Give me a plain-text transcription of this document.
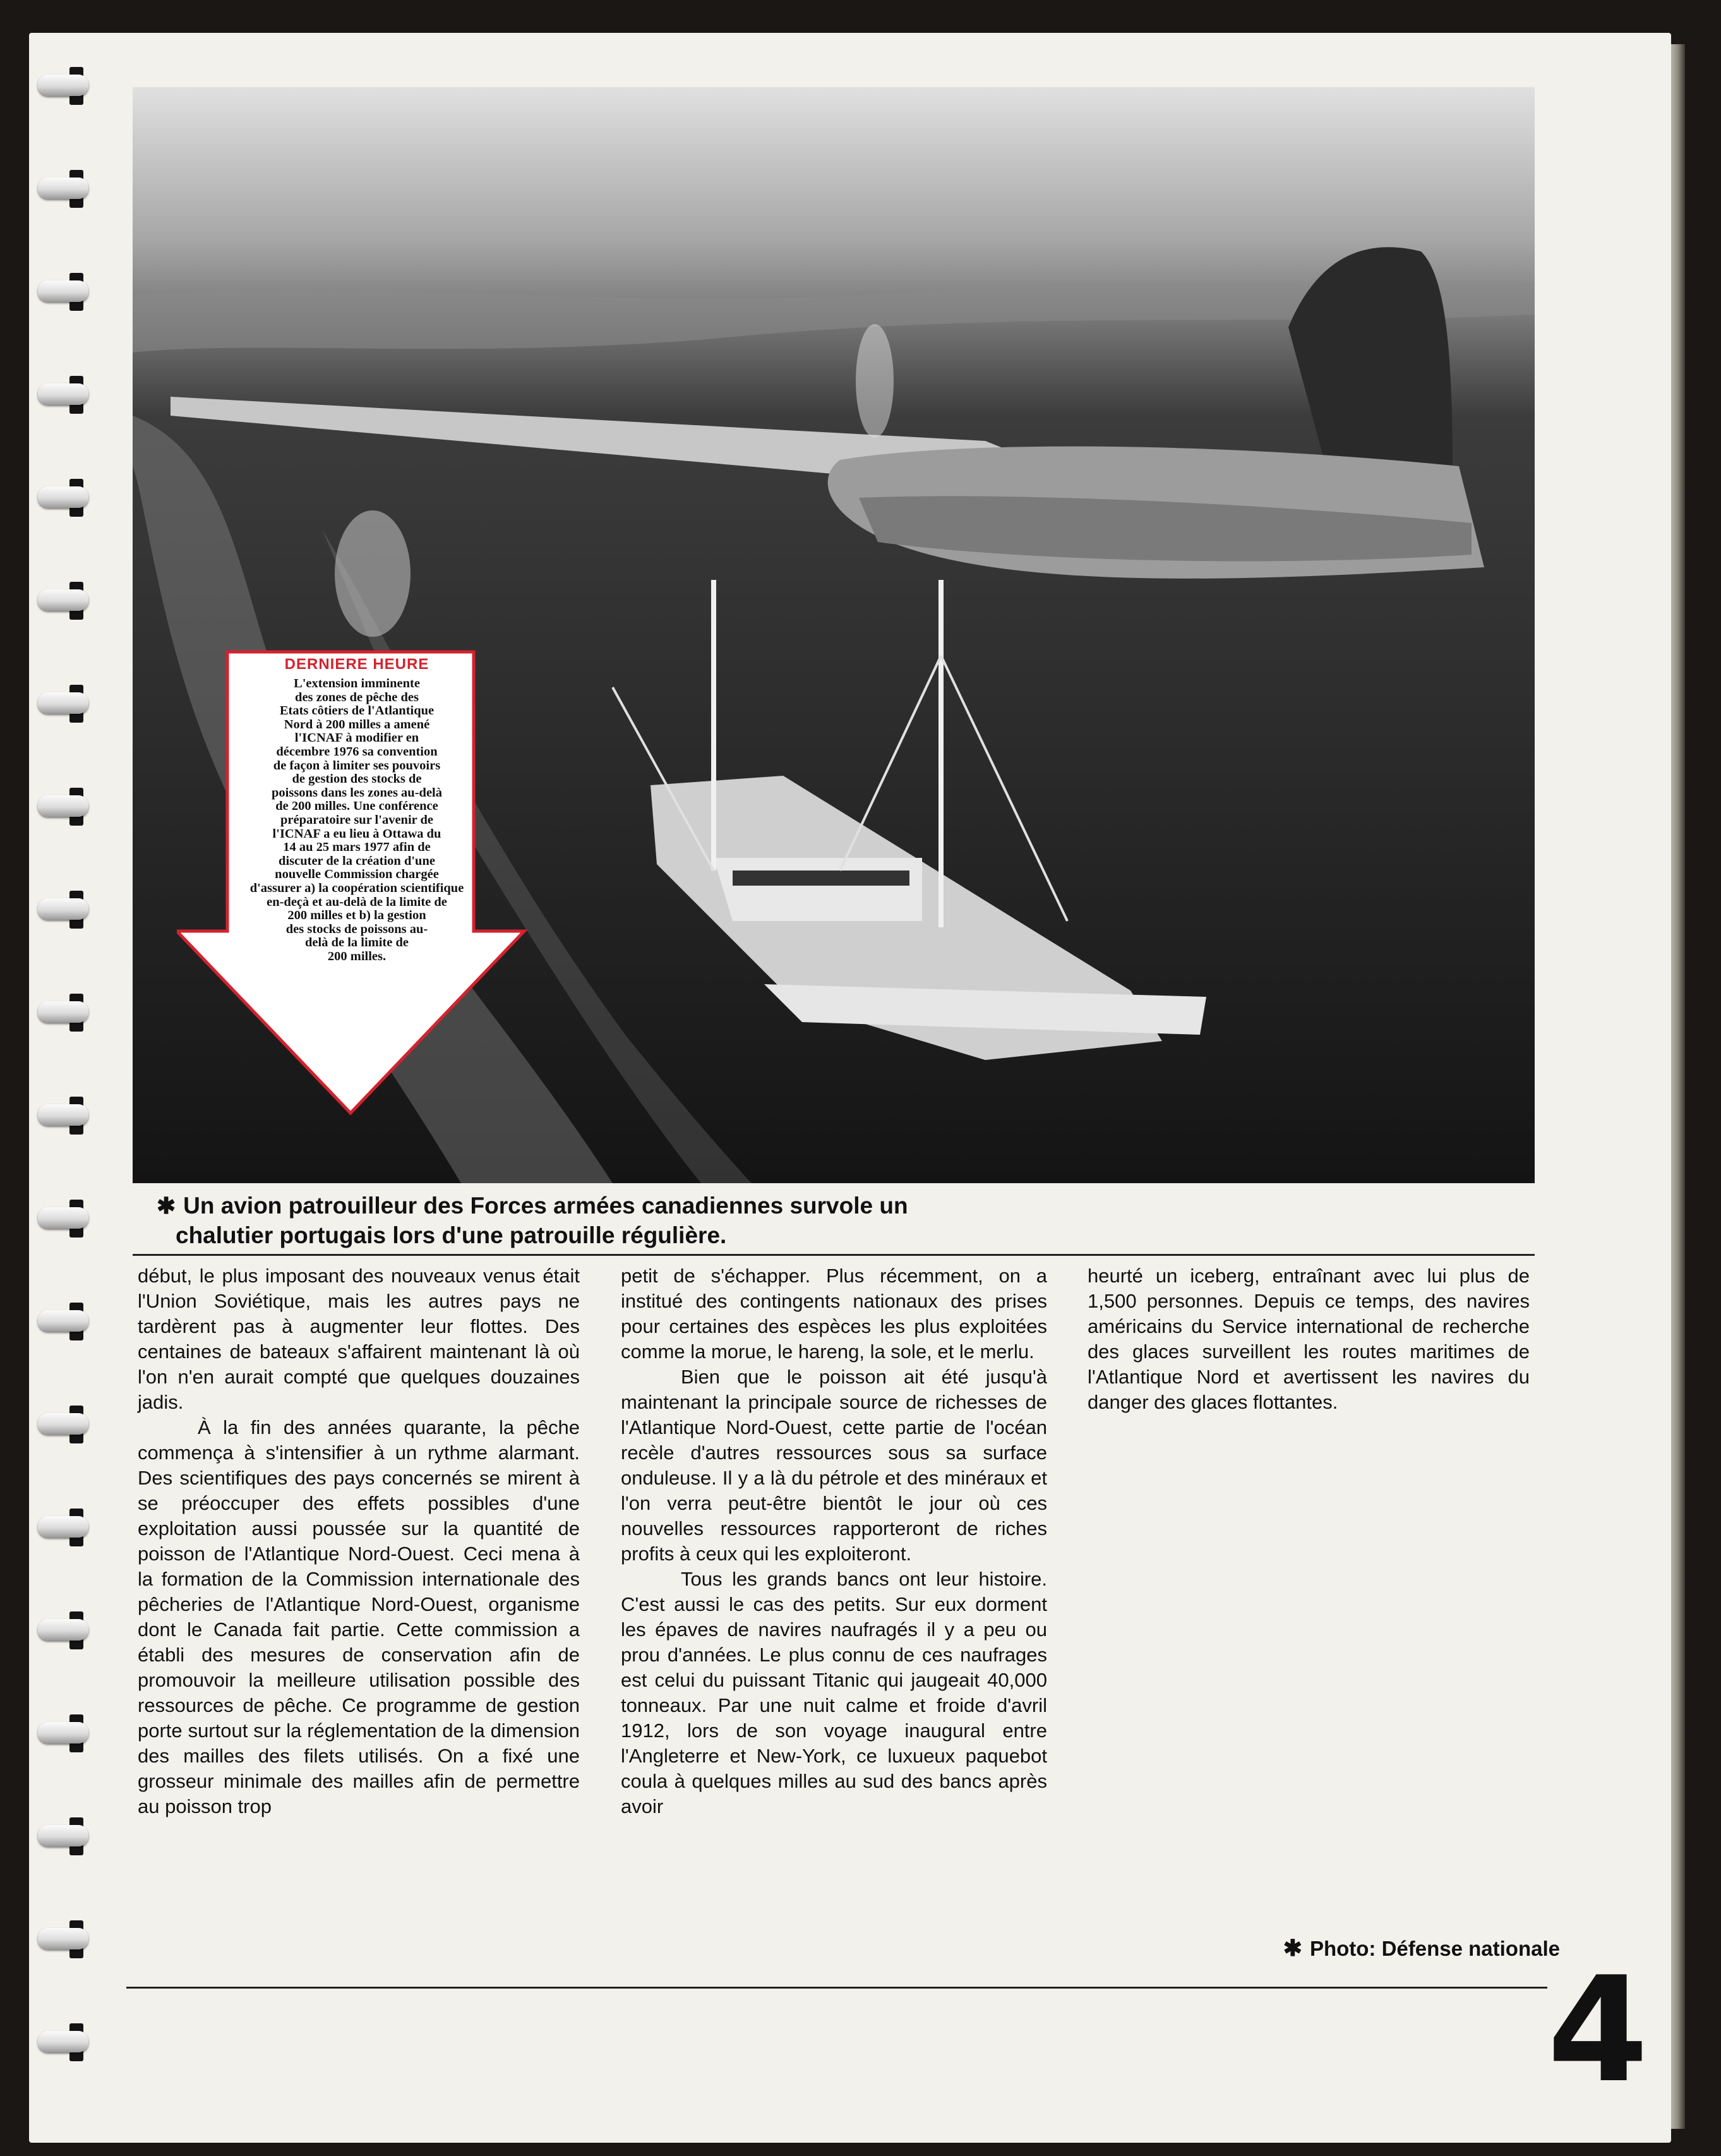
DERNIERE HEURE
L'extension imminente
des zones de pêche des
Etats côtiers de l'Atlantique
Nord à 200 milles a amené
l'ICNAF à modifier en
décembre 1976 sa convention
de façon à limiter ses pouvoirs
de gestion des stocks de
poissons dans les zones au-delà
de 200 milles. Une conférence
préparatoire sur l'avenir de
l'ICNAF a eu lieu à Ottawa du
14 au 25 mars 1977 afin de
discuter de la création d'une
nouvelle Commission chargée
d'assurer a) la coopération scientifique
en-deçà et au-delà de la limite de
200 milles et b) la gestion
des stocks de poissons au-
delà de la limite de
200 milles.
✱ Un avion patrouilleur des Forces armées canadiennes survole un
chalutier portugais lors d'une patrouille régulière.

début, le plus imposant des nouveaux venus était l'Union Soviétique, mais les autres pays ne tardèrent pas à augmenter leur flottes. Des centaines de bateaux s'affairent maintenant là où l'on n'en aurait compté que quelques douzaines jadis.

À la fin des années quarante, la pêche commença à s'intensifier à un rythme alarmant. Des scientifiques des pays concernés se mirent à se préoccuper des effets possibles d'une exploitation aussi poussée sur la quantité de poisson de l'Atlantique Nord-Ouest. Ceci mena à la formation de la Commission internationale des pêcheries de l'Atlantique Nord-Ouest, organisme dont le Canada fait partie. Cette commission a établi des mesures de conservation afin de promouvoir la meilleure utilisation possible des ressources de pêche. Ce programme de gestion porte surtout sur la réglementation de la dimension des mailles des filets utilisés. On a fixé une grosseur minimale des mailles afin de permettre au poisson trop

petit de s'échapper. Plus récemment, on a institué des contingents nationaux des prises pour certaines des espèces les plus exploitées comme la morue, le hareng, la sole, et le merlu.

Bien que le poisson ait été jusqu'à maintenant la principale source de richesses de l'Atlantique Nord-Ouest, cette partie de l'océan recèle d'autres ressources sous sa surface onduleuse. Il y a là du pétrole et des minéraux et l'on verra peut-être bientôt le jour où ces nouvelles ressources rapporteront de riches profits à ceux qui les exploiteront.

Tous les grands bancs ont leur histoire. C'est aussi le cas des petits. Sur eux dorment les épaves de navires naufragés il y a peu ou prou d'années. Le plus connu de ces naufrages est celui du puissant Titanic qui jaugeait 40,000 tonneaux. Par une nuit calme et froide d'avril 1912, lors de son voyage inaugural entre l'Angleterre et New-York, ce luxueux paquebot coula à quelques milles au sud des bancs après avoir

heurté un iceberg, entraînant avec lui plus de 1,500 personnes. Depuis ce temps, des navires américains du Service international de recherche des glaces surveillent les routes maritimes de l'Atlantique Nord et avertissent les navires du danger des glaces flottantes.

✱ Photo: Défense nationale
4
